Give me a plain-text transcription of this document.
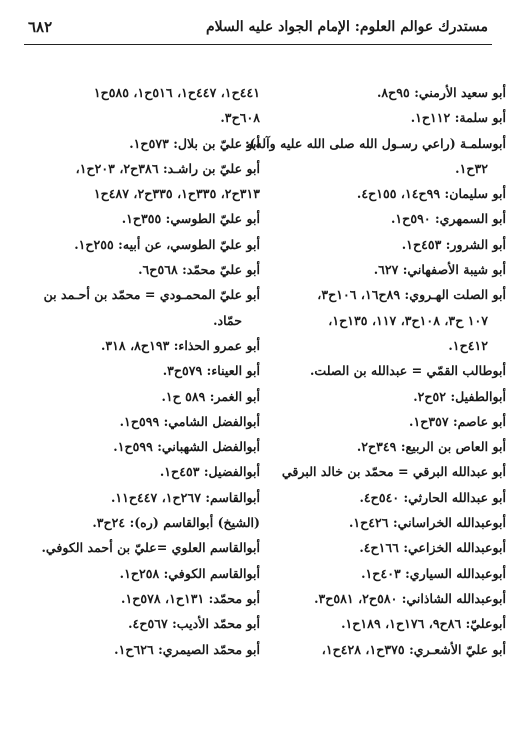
مستدرك عوالم العلوم: الإمام الجواد عليه السلام
٦٨٢
أبو سعيد الأرمني: ٩٥ح٨.
أبو سلمة: ١١٢ح١.
أبوسلمـة (راعي رسـول الله صلى الله عليه وآله):
٣٢ح١.
أبو سليمان: ٩٩ح١٤، ١٥٥ح٤.
أبو السمهري: ٥٩٠ح١.
أبو الشرور: ٤٥٣ح١.
أبو شيبة الأصفهاني: ٦٢٧.
أبو الصلت الهـروي: ٨٩ح١٦، ١٠٦ح٣،
١٠٧ ح٣، ١٠٨ح٣، ١١٧، ١٣٥ح١،
٤١٢ح١.
أبوطالب القمّي = عبدالله بن الصلت.
أبوالطفيل: ٥٢ح٢.
أبو عاصم: ٣٥٧ح١.
أبو العاص بن الربيع: ٣٤٩ح٢.
أبو عبدالله البرقي = محمّد بن خالد البرقي
أبو عبدالله الحارثي: ٥٤٠ح٤.
أبوعبدالله الخراساني: ٤٢٦ح١.
أبوعبدالله الخزاعي: ١٦٦ح٤.
أبوعبدالله السياري: ٤٠٣ح١.
أبوعبدالله الشاذاني: ٥٨٠ح٢، ٥٨١ح٣.
أبوعليّ: ٨٦ح٩، ١٧٦ح١، ١٨٩ح١.
أبو عليّ الأشعـري: ٣٧٥ح١، ٤٢٨ح١،
٤٤١ح١، ٤٤٧ح١، ٥١٦ح١، ٥٨٥ح١
٦٠٨ح٣.
أبو عليّ بن بلال: ٥٧٣ح١.
أبو عليّ بن راشـد: ٣٨٦ح٢، ٢٠٣ح١،
٣١٣ح٢، ٣٣٥ح١، ٣٣٥ح٢، ٤٨٧ح١
أبو عليّ الطوسي: ٣٥٥ح١.
أبو عليّ الطوسي، عن أبيه: ٢٥٥ح١.
أبو عليّ محمّد: ٥٦٨ح٦.
أبو عليّ المحمـودي = محمّد بن أحـمد بن
حمّاد.
أبو عمرو الحذاء: ١٩٣ح٨، ٣١٨.
أبو العيناء: ٥٧٩ح٣.
أبو الغمر: ٥٨٩ ح١.
أبوالفضل الشامي: ٥٩٩ح١.
أبوالفضل الشهباني: ٥٩٩ح١.
أبوالفضيل: ٤٥٣ح١.
أبوالقاسم: ٢٦٧ح١، ٤٤٧ح١١.
(الشيخ) أبوالقاسم (ره): ٢٤ح٣.
أبوالقاسم العلوي =عليّ بن أحمد الكوفي.
أبوالقاسم الكوفي: ٢٥٨ح١.
أبو محمّد: ١٣١ح١، ٥٧٨ح١.
أبو محمّد الأديب: ٥٦٧ح٤.
أبو محمّد الصيمري: ٦٢٦ح١.
